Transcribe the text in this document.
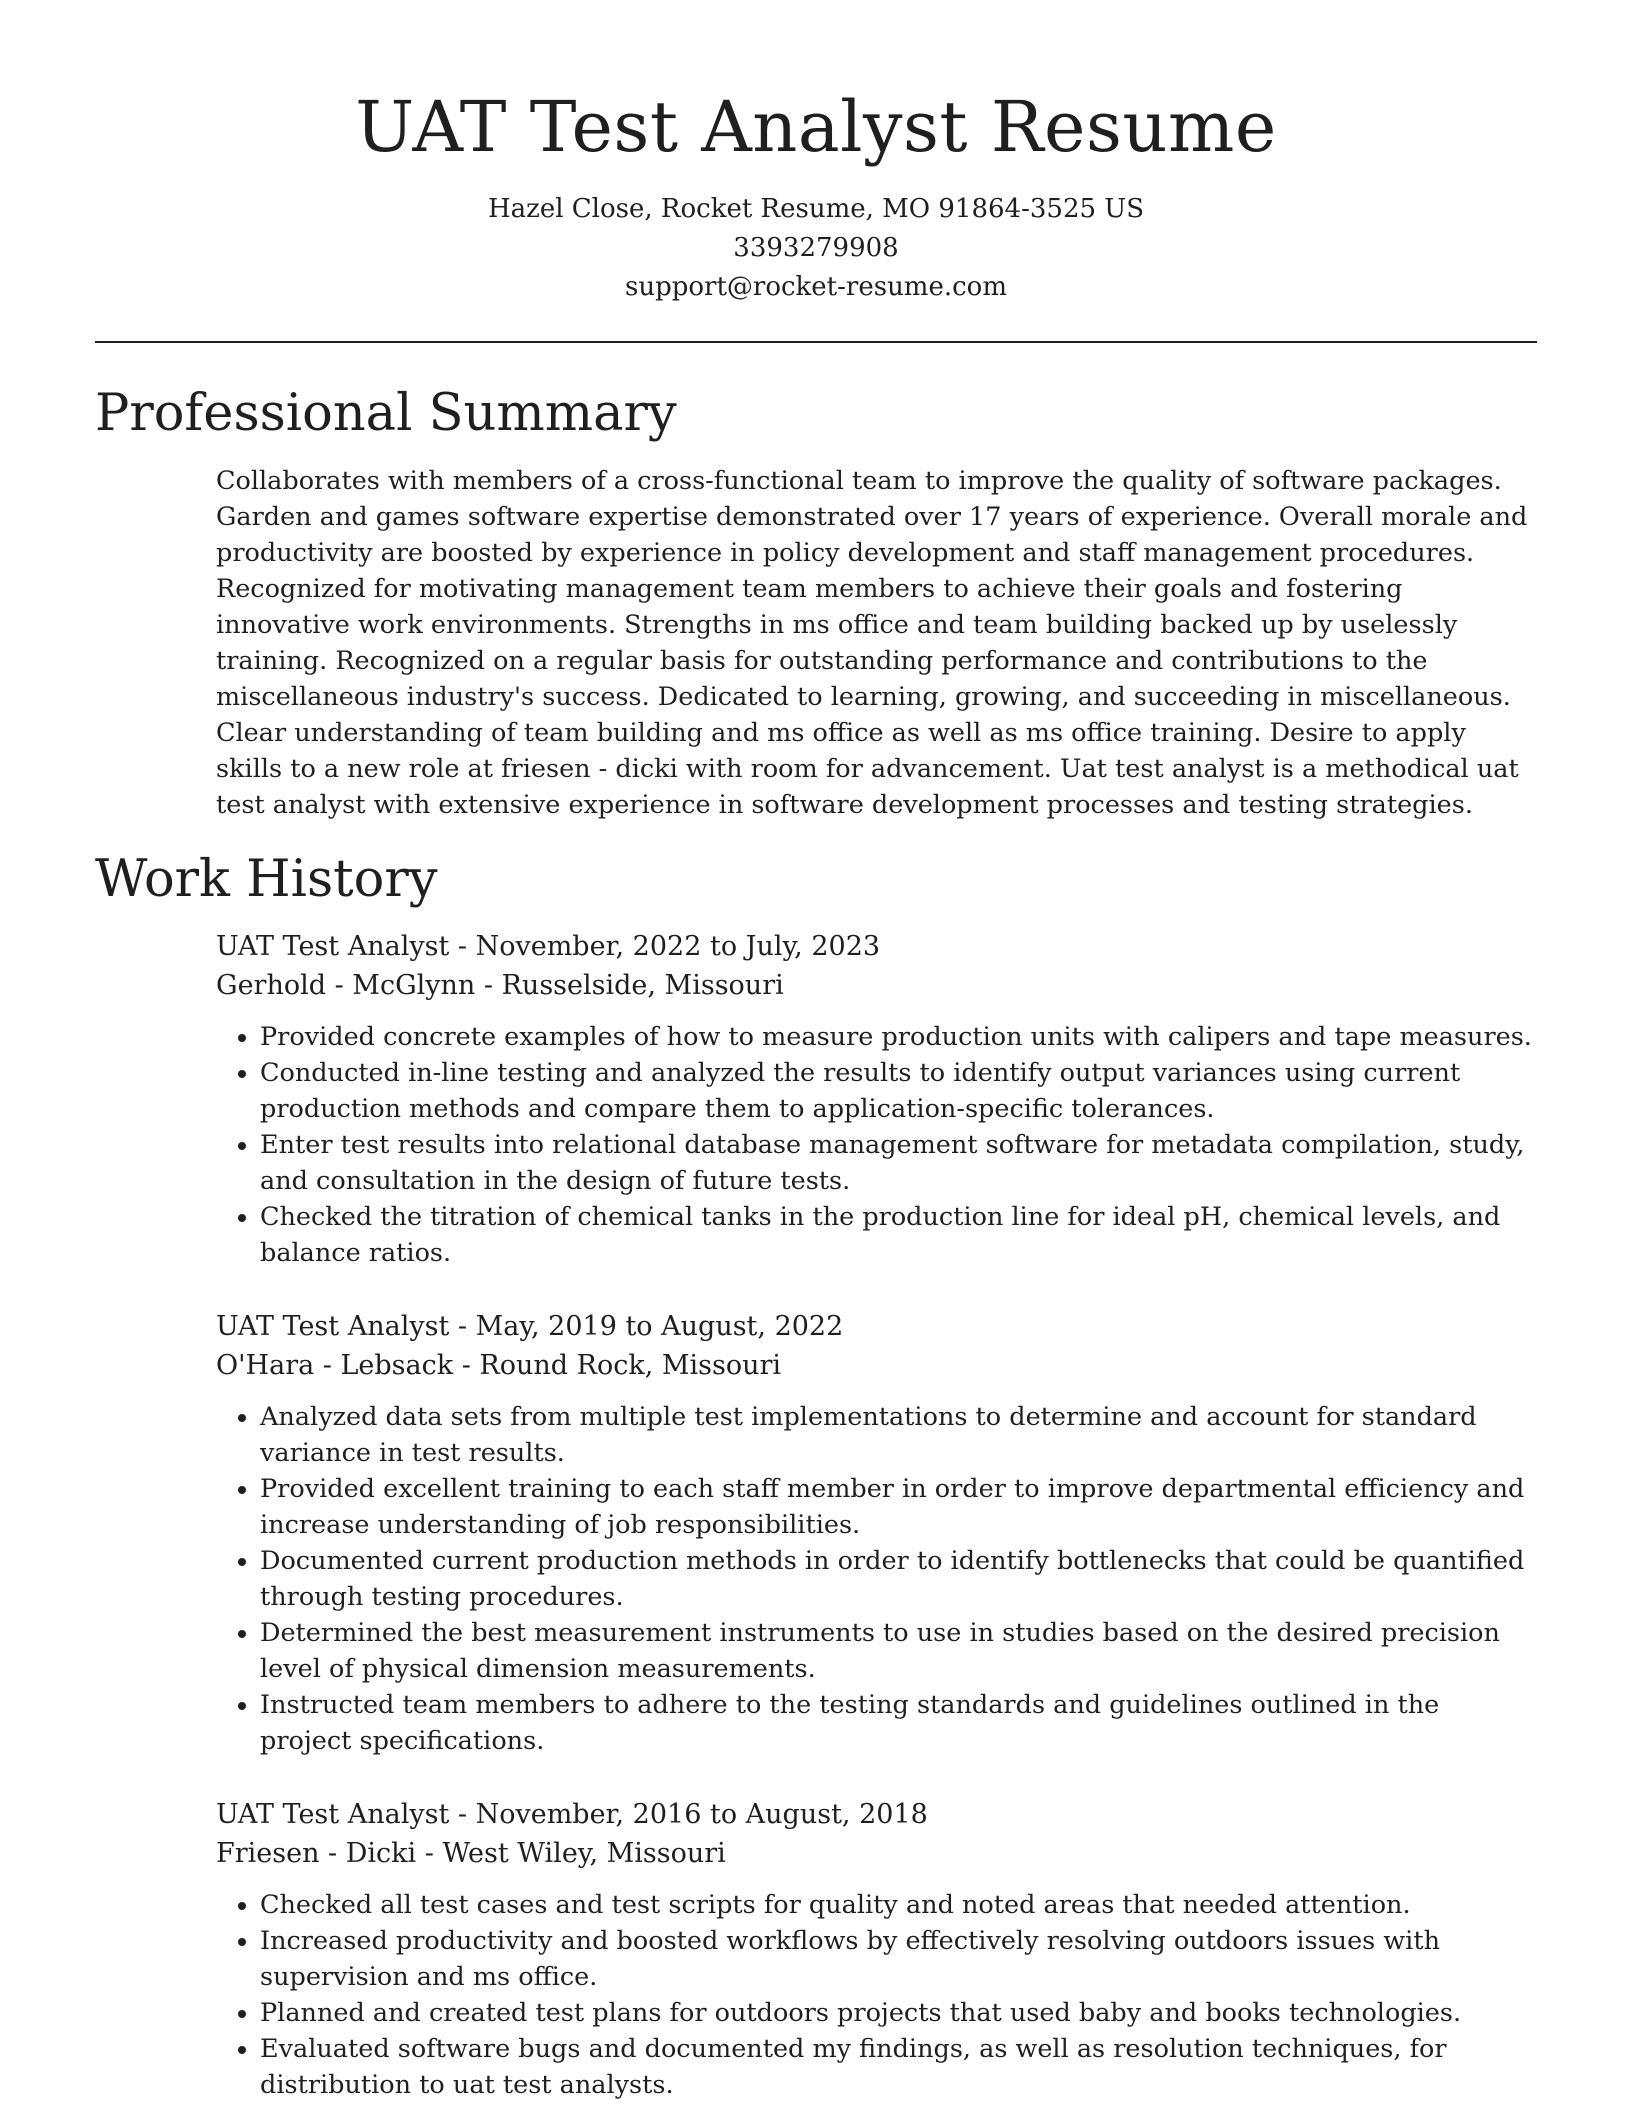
UAT Test Analyst Resume

Hazel Close, Rocket Resume, MO 91864-3525 US

3393279908

support@rocket-resume.com

Professional Summary

Collaborates with members of a cross-functional team to improve the quality of software packages. Garden and games software expertise demonstrated over 17 years of experience. Overall morale and productivity are boosted by experience in policy development and staff management procedures. Recognized for motivating management team members to achieve their goals and fostering innovative work environments. Strengths in ms office and team building backed up by uselessly training. Recognized on a regular basis for outstanding performance and contributions to the miscellaneous industry's success. Dedicated to learning, growing, and succeeding in miscellaneous. Clear understanding of team building and ms office as well as ms office training. Desire to apply skills to a new role at friesen - dicki with room for advancement. Uat test analyst is a methodical uat test analyst with extensive experience in software development processes and testing strategies.

Work History

UAT Test Analyst - November, 2022 to July, 2023

Gerhold - McGlynn - Russelside, Missouri

• Provided concrete examples of how to measure production units with calipers and tape measures.
• Conducted in-line testing and analyzed the results to identify output variances using current production methods and compare them to application-specific tolerances.
• Enter test results into relational database management software for metadata compilation, study, and consultation in the design of future tests.
• Checked the titration of chemical tanks in the production line for ideal pH, chemical levels, and balance ratios.

UAT Test Analyst - May, 2019 to August, 2022

O'Hara - Lebsack - Round Rock, Missouri

• Analyzed data sets from multiple test implementations to determine and account for standard variance in test results.
• Provided excellent training to each staff member in order to improve departmental efficiency and increase understanding of job responsibilities.
• Documented current production methods in order to identify bottlenecks that could be quantified through testing procedures.
• Determined the best measurement instruments to use in studies based on the desired precision level of physical dimension measurements.
• Instructed team members to adhere to the testing standards and guidelines outlined in the project specifications.

UAT Test Analyst - November, 2016 to August, 2018

Friesen - Dicki - West Wiley, Missouri

• Checked all test cases and test scripts for quality and noted areas that needed attention.
• Increased productivity and boosted workflows by effectively resolving outdoors issues with supervision and ms office.
• Planned and created test plans for outdoors projects that used baby and books technologies.
• Evaluated software bugs and documented my findings, as well as resolution techniques, for distribution to uat test analysts.
